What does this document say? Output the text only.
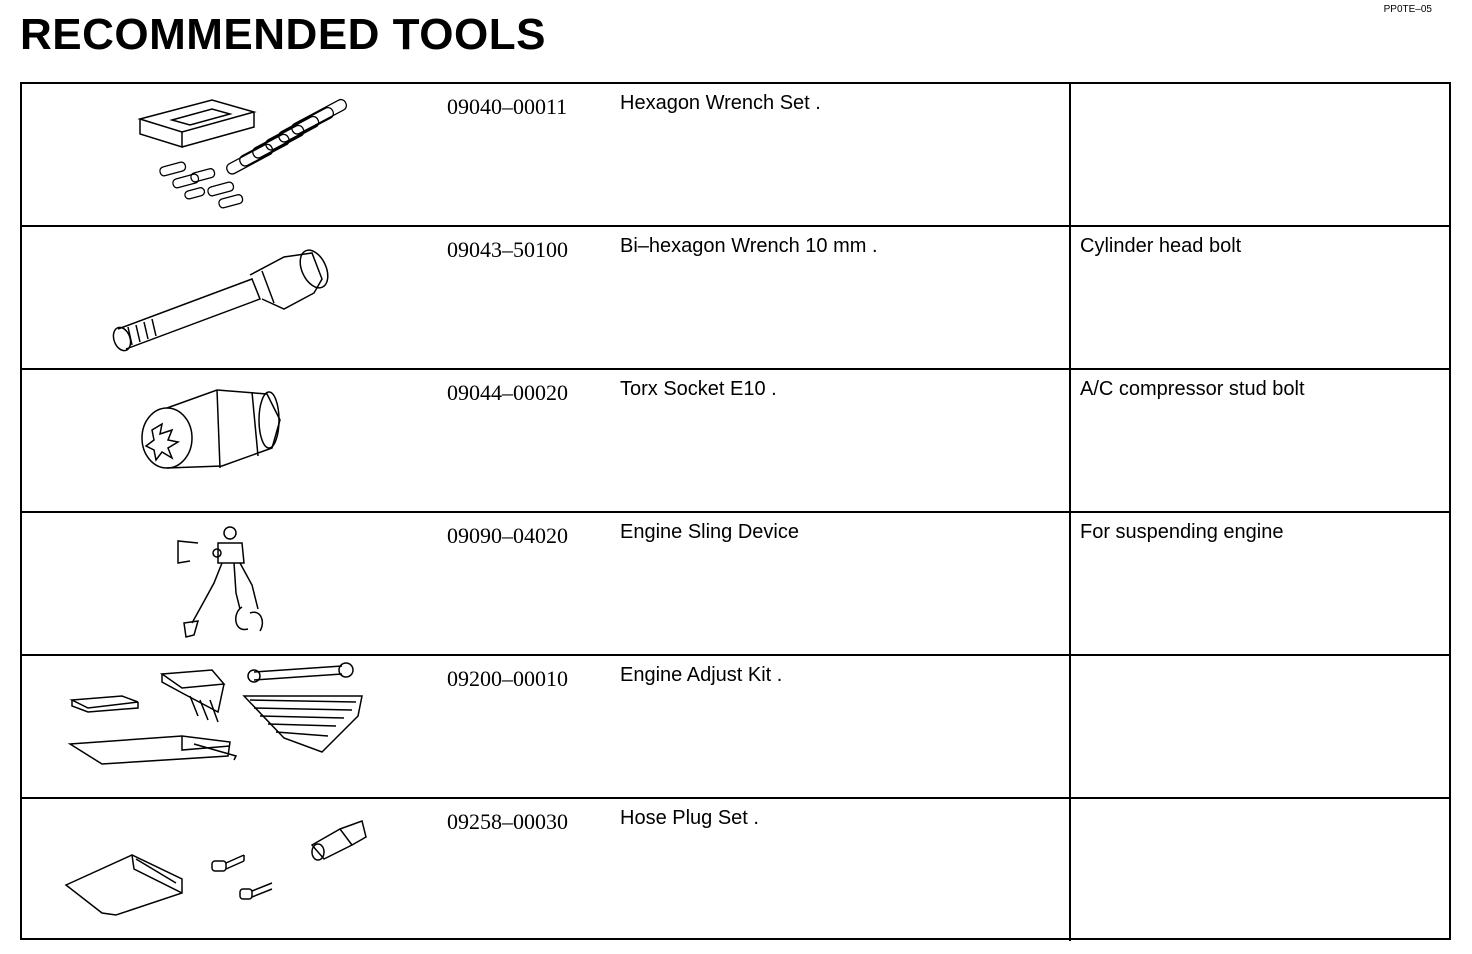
RECOMMENDED TOOLS
PP0TE–05
09040–00011	Hexagon Wrench Set .
09043–50100	Bi–hexagon Wrench 10 mm .	Cylinder head bolt
09044–00020	Torx Socket E10 .	A/C compressor stud bolt
09090–04020	Engine Sling Device	For suspending engine
09200–00010	Engine Adjust Kit .
09258–00030	Hose Plug Set .
